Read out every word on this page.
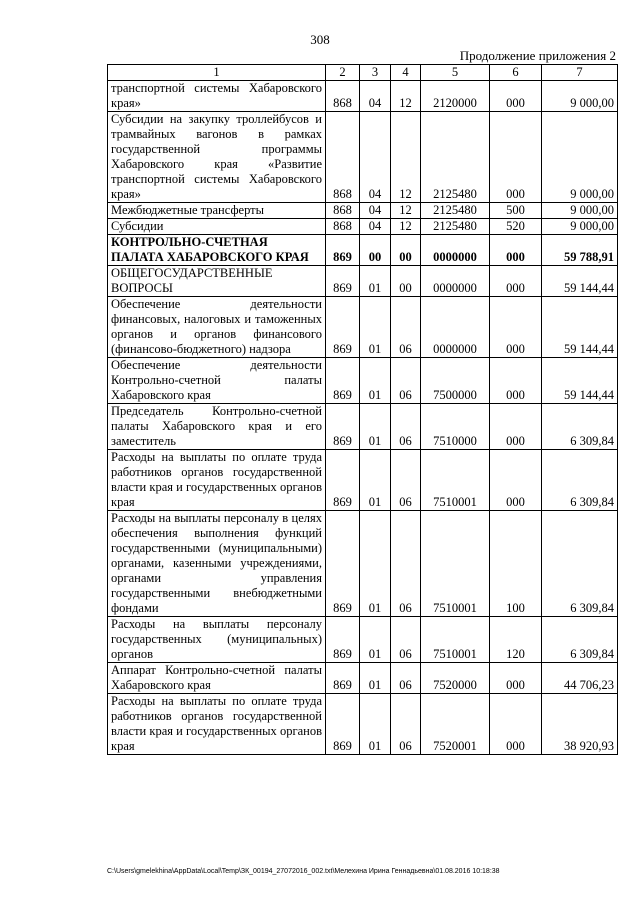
308
Продолжение приложения 2
1	2	3	4	5	6	7
транспортной системы Хабаровского края»	868	04	12	2120000	000	9 000,00
Субсидии на закупку троллейбусов и трамвайных вагонов в рамках государственной программы Хабаровского края «Развитие транспортной системы Хабаровского края»	868	04	12	2125480	000	9 000,00
Межбюджетные трансферты	868	04	12	2125480	500	9 000,00
Субсидии	868	04	12	2125480	520	9 000,00
КОНТРОЛЬНО-СЧЕТНАЯ ПАЛАТА ХАБАРОВСКОГО КРАЯ	869	00	00	0000000	000	59 788,91
ОБЩЕГОСУДАРСТВЕННЫЕ ВОПРОСЫ	869	01	00	0000000	000	59 144,44
Обеспечение деятельности финансовых, налоговых и таможенных органов и органов финансового (финансово-бюджетного) надзора	869	01	06	0000000	000	59 144,44
Обеспечение деятельности Контрольно-счетной палаты Хабаровского края	869	01	06	7500000	000	59 144,44
Председатель Контрольно-счетной палаты Хабаровского края и его заместитель	869	01	06	7510000	000	6 309,84
Расходы на выплаты по оплате труда работников органов государственной власти края и государственных органов края	869	01	06	7510001	000	6 309,84
Расходы на выплаты персоналу в целях обеспечения выполнения функций государственными (муниципальными) органами, казенными учреждениями, органами управления государственными внебюджетными фондами	869	01	06	7510001	100	6 309,84
Расходы на выплаты персоналу государственных (муниципальных) органов	869	01	06	7510001	120	6 309,84
Аппарат Контрольно-счетной палаты Хабаровского края	869	01	06	7520000	000	44 706,23
Расходы на выплаты по оплате труда работников органов государственной власти края и государственных органов края	869	01	06	7520001	000	38 920,93
C:\Users\gmelekhina\AppData\Local\Temp\ЗК_00194_27072016_002.txt\Мелехина Ирина Геннадьевна\01.08.2016 10:18:38
